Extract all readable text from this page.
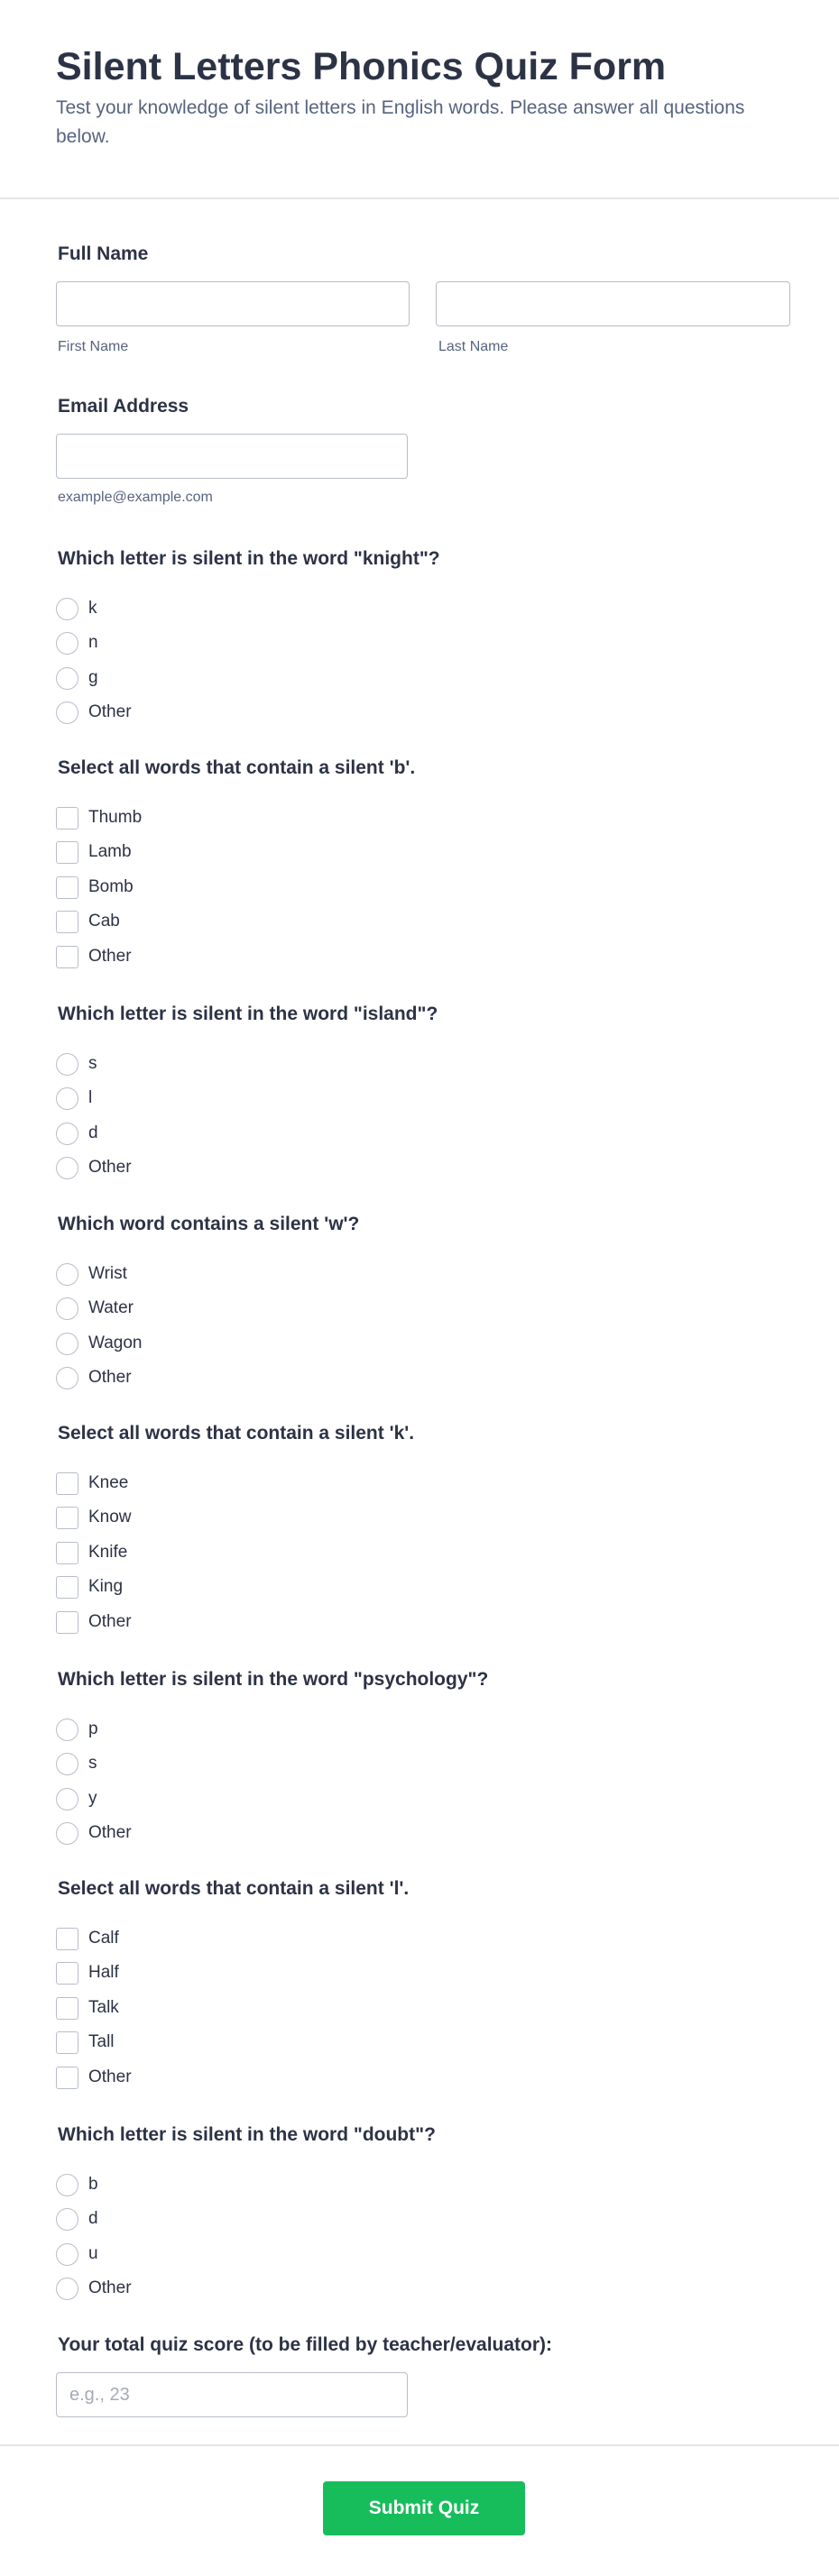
Silent Letters Phonics Quiz Form

Test your knowledge of silent letters in English words. Please answer all questions below.

Full Name
First Name	Last Name
Email Address
example@example.com
Which letter is silent in the word "knight"?
k
n
g
Other
Select all words that contain a silent 'b'.
Thumb
Lamb
Bomb
Cab
Other
Which letter is silent in the word "island"?
s
l
d
Other
Which word contains a silent 'w'?
Wrist
Water
Wagon
Other
Select all words that contain a silent 'k'.
Knee
Know
Knife
King
Other
Which letter is silent in the word "psychology"?
p
s
y
Other
Select all words that contain a silent 'l'.
Calf
Half
Talk
Tall
Other
Which letter is silent in the word "doubt"?
b
d
u
Other
Your total quiz score (to be filled by teacher/evaluator):
e.g., 23
Submit Quiz
